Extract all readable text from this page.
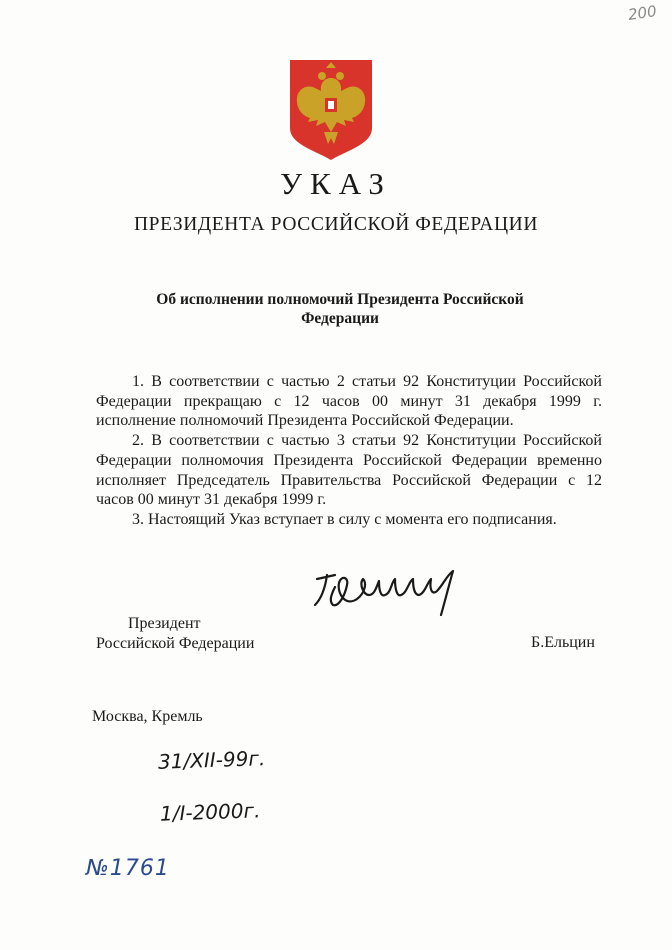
200
УКАЗ
ПРЕЗИДЕНТА РОССИЙСКОЙ ФЕДЕРАЦИИ
Об исполнении полномочий Президента Российской
Федерации

1. В соответствии с частью 2 статьи 92 Конституции Российской Федерации прекращаю с 12 часов 00 минут 31 декабря 1999 г. исполнение полномочий Президента Российской Федерации.

2. В соответствии с частью 3 статьи 92 Конституции Российской Федерации полномочия Президента Российской Федерации временно исполняет Председатель Правительства Российской Федерации с 12 часов 00 минут 31 декабря 1999 г.

3. Настоящий Указ вступает в силу с момента его подписания.

Президент
Российской Федерации	Б.Ельцин
Москва, Кремль
31/XII-99г.
1/I-2000г.
№1761
